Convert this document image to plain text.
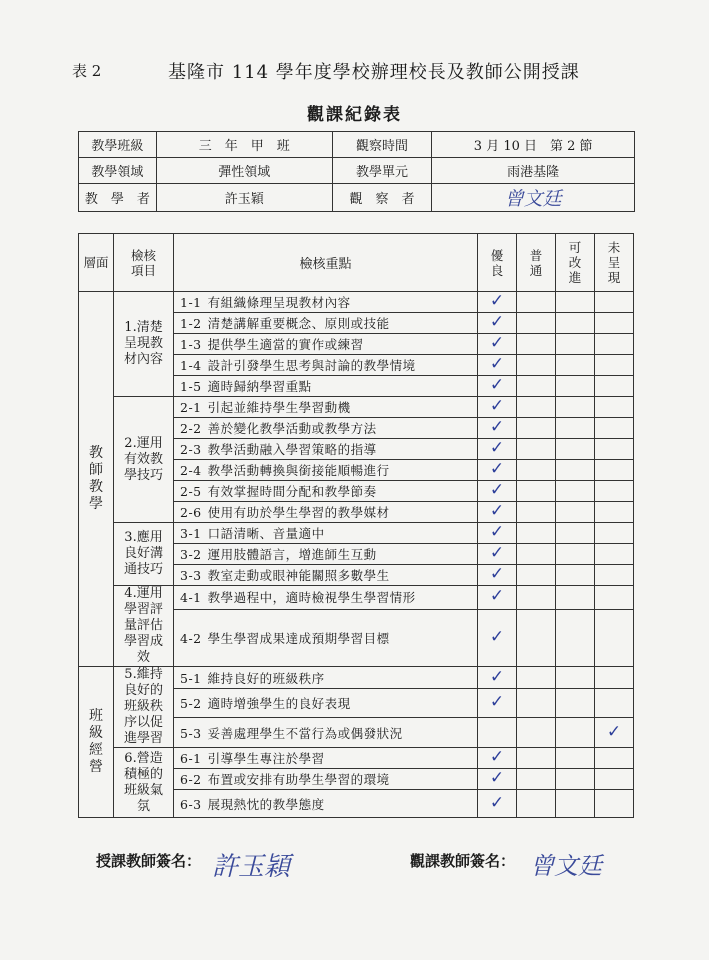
表 2	基隆市 114 學年度學校辦理校長及教師公開授課
觀課紀錄表
教學班級	三　年　甲　班	觀察時間	3 月 10 日　第 2 節
教學領域	彈性領域	教學單元	雨港基隆
教　學　者	許玉穎	觀　察　者	曾文廷
層面	檢核項目	檢核重點	優良	普通	可改進	未呈現
教
師
教
學	1.清楚呈現教材內容	1-1 有組織條理呈現教材內容	✓			
		1-2 清楚講解重要概念、原則或技能	✓			
		1-3 提供學生適當的實作或練習	✓			
		1-4 設計引發學生思考與討論的教學情境	✓			
		1-5 適時歸納學習重點	✓			
	2.運用有效教學技巧	2-1 引起並維持學生學習動機	✓			
		2-2 善於變化教學活動或教學方法	✓			
		2-3 教學活動融入學習策略的指導	✓			
		2-4 教學活動轉換與銜接能順暢進行	✓			
		2-5 有效掌握時間分配和教學節奏	✓			
		2-6 使用有助於學生學習的教學媒材	✓			
	3.應用良好溝通技巧	3-1 口語清晰、音量適中	✓			
		3-2 運用肢體語言，增進師生互動	✓			
		3-3 教室走動或眼神能關照多數學生	✓			
	4.運用學習評量評估學習成效	4-1 教學過程中，適時檢視學生學習情形	✓			
		4-2 學生學習成果達成預期學習目標	✓			
班
級
經
營	5.維持良好的班級秩序以促進學習	5-1 維持良好的班級秩序	✓			
		5-2 適時增強學生的良好表現	✓			
		5-3 妥善處理學生不當行為或偶發狀況				✓
	6.營造積極的班級氣氛	6-1 引導學生專注於學習	✓			
		6-2 布置或安排有助學生學習的環境	✓			
		6-3 展現熱忱的教學態度	✓			
授課教師簽名： 許玉穎	觀課教師簽名： 曾文廷
